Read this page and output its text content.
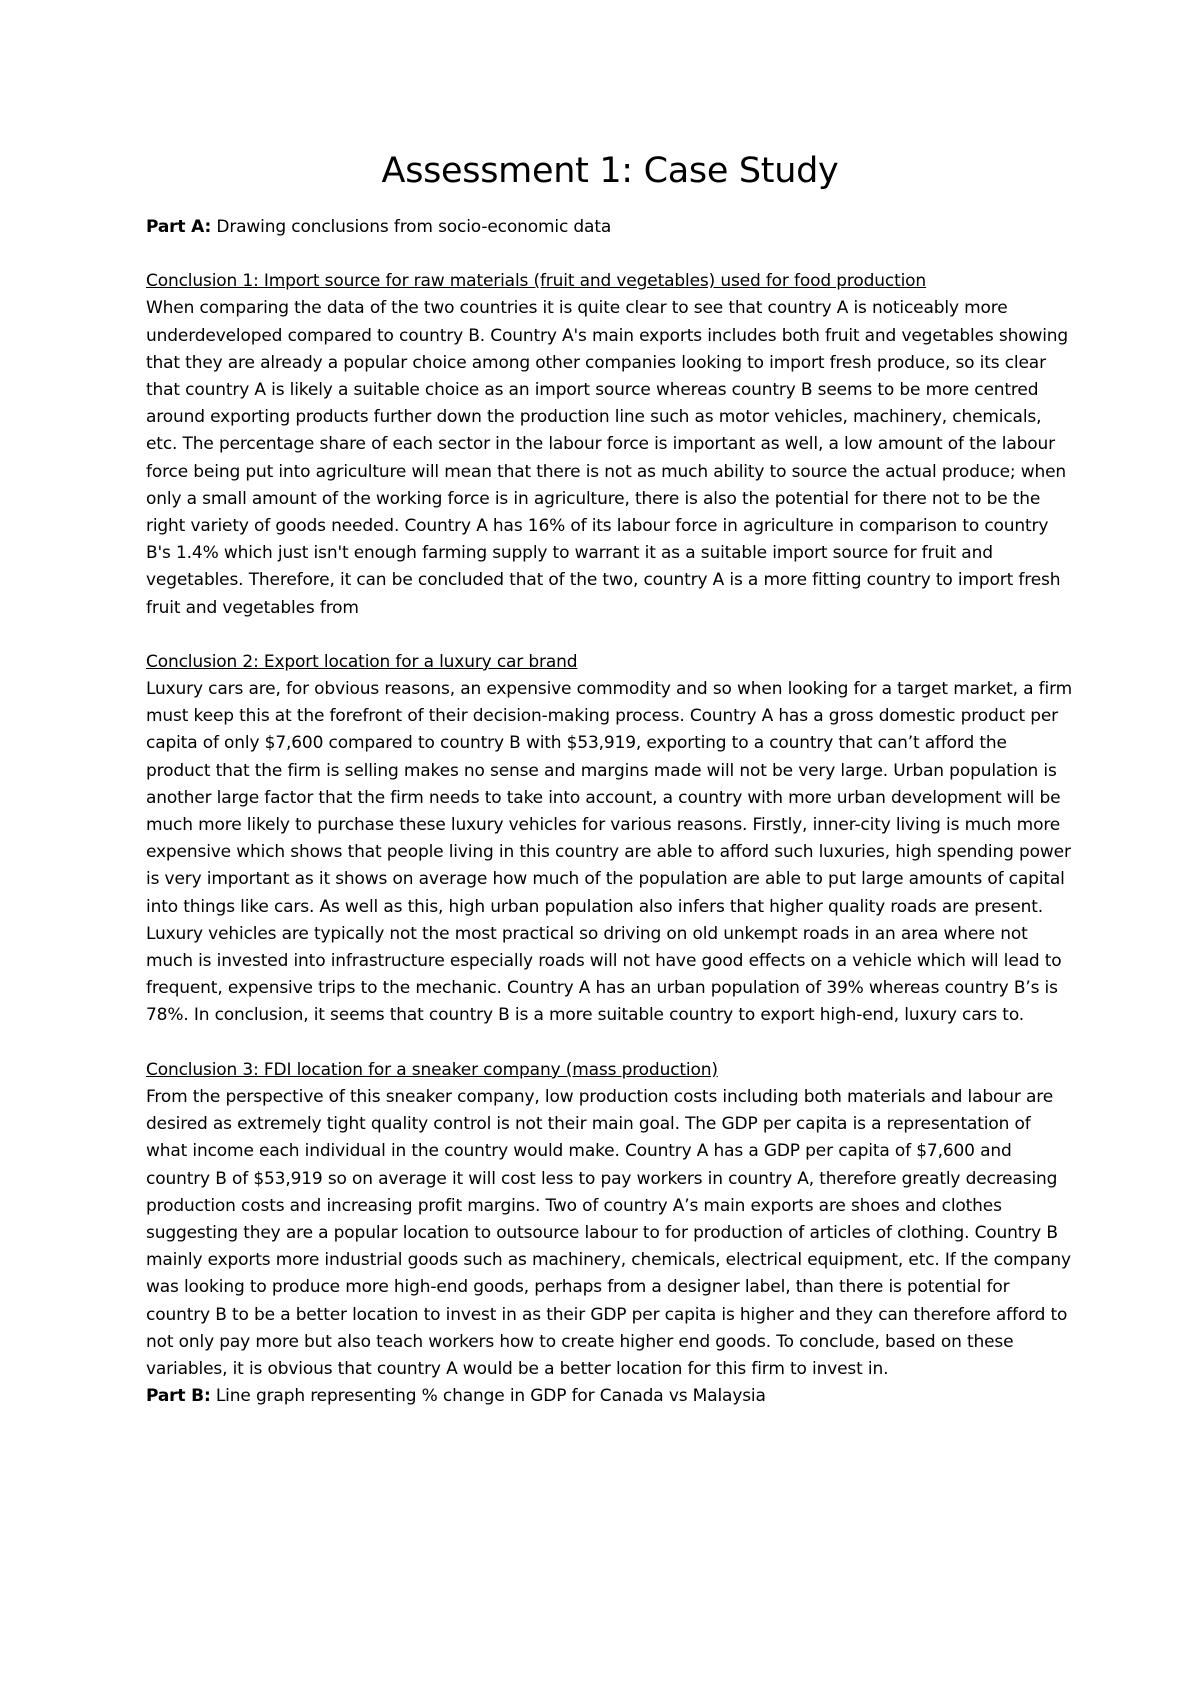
Assessment 1: Case Study

Part A: Drawing conclusions from socio-economic data

Conclusion 1: Import source for raw materials (fruit and vegetables) used for food production

When comparing the data of the two countries it is quite clear to see that country A is noticeably more underdeveloped compared to country B. Country A's main exports includes both fruit and vegetables showing that they are already a popular choice among other companies looking to import fresh produce, so its clear that country A is likely a suitable choice as an import source whereas country B seems to be more centred around exporting products further down the production line such as motor vehicles, machinery, chemicals, etc. The percentage share of each sector in the labour force is important as well, a low amount of the labour force being put into agriculture will mean that there is not as much ability to source the actual produce; when only a small amount of the working force is in agriculture, there is also the potential for there not to be the right variety of goods needed. Country A has 16% of its labour force in agriculture in comparison to country B's 1.4% which just isn't enough farming supply to warrant it as a suitable import source for fruit and vegetables. Therefore, it can be concluded that of the two, country A is a more fitting country to import fresh fruit and vegetables from

Conclusion 2: Export location for a luxury car brand

Luxury cars are, for obvious reasons, an expensive commodity and so when looking for a target market, a firm must keep this at the forefront of their decision-making process. Country A has a gross domestic product per capita of only $7,600 compared to country B with $53,919, exporting to a country that can’t afford the product that the firm is selling makes no sense and margins made will not be very large. Urban population is another large factor that the firm needs to take into account, a country with more urban development will be much more likely to purchase these luxury vehicles for various reasons. Firstly, inner-city living is much more expensive which shows that people living in this country are able to afford such luxuries, high spending power is very important as it shows on average how much of the population are able to put large amounts of capital into things like cars. As well as this, high urban population also infers that higher quality roads are present. Luxury vehicles are typically not the most practical so driving on old unkempt roads in an area where not much is invested into infrastructure especially roads will not have good effects on a vehicle which will lead to frequent, expensive trips to the mechanic. Country A has an urban population of 39% whereas country B’s is 78%. In conclusion, it seems that country B is a more suitable country to export high-end, luxury cars to.

Conclusion 3: FDI location for a sneaker company (mass production)

From the perspective of this sneaker company, low production costs including both materials and labour are desired as extremely tight quality control is not their main goal. The GDP per capita is a representation of what income each individual in the country would make. Country A has a GDP per capita of $7,600 and country B of $53,919 so on average it will cost less to pay workers in country A, therefore greatly decreasing production costs and increasing profit margins. Two of country A’s main exports are shoes and clothes suggesting they are a popular location to outsource labour to for production of articles of clothing. Country B mainly exports more industrial goods such as machinery, chemicals, electrical equipment, etc. If the company was looking to produce more high-end goods, perhaps from a designer label, than there is potential for country B to be a better location to invest in as their GDP per capita is higher and they can therefore afford to not only pay more but also teach workers how to create higher end goods. To conclude, based on these variables, it is obvious that country A would be a better location for this firm to invest in.

Part B: Line graph representing % change in GDP for Canada vs Malaysia
